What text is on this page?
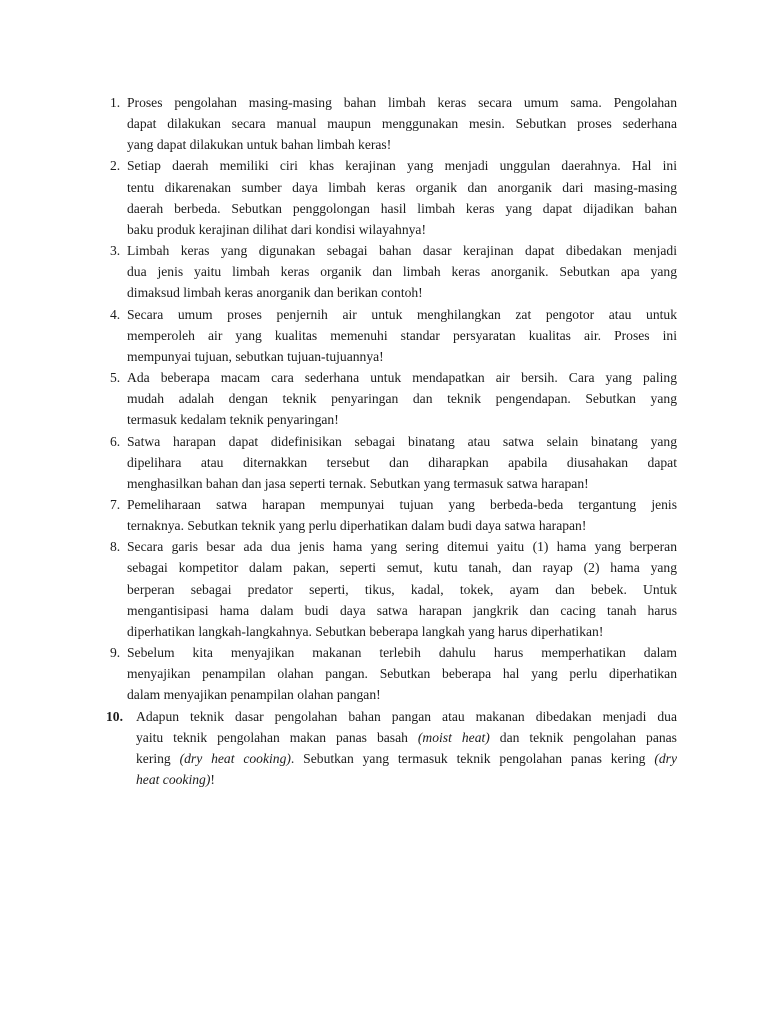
1. Proses pengolahan masing-masing bahan limbah keras secara umum sama. Pengolahan
dapat dilakukan secara manual maupun menggunakan mesin. Sebutkan proses sederhana
yang dapat dilakukan untuk bahan limbah keras!
2. Setiap daerah memiliki ciri khas kerajinan yang menjadi unggulan daerahnya. Hal ini
tentu dikarenakan sumber daya limbah keras organik dan anorganik dari masing-masing
daerah berbeda. Sebutkan penggolongan hasil limbah keras yang dapat dijadikan bahan
baku produk kerajinan dilihat dari kondisi wilayahnya!
3. Limbah keras yang digunakan sebagai bahan dasar kerajinan dapat dibedakan menjadi
dua jenis yaitu limbah keras organik dan limbah keras anorganik. Sebutkan apa yang
dimaksud limbah keras anorganik dan berikan contoh!
4. Secara umum proses penjernih air untuk menghilangkan zat pengotor atau untuk
memperoleh air yang kualitas memenuhi standar persyaratan kualitas air. Proses ini
mempunyai tujuan, sebutkan tujuan-tujuannya!
5. Ada beberapa macam cara sederhana untuk mendapatkan air bersih. Cara yang paling
mudah adalah dengan teknik penyaringan dan teknik pengendapan. Sebutkan yang
termasuk kedalam teknik penyaringan!
6. Satwa harapan dapat didefinisikan sebagai binatang atau satwa selain binatang yang
dipelihara atau diternakkan tersebut dan diharapkan apabila diusahakan dapat
menghasilkan bahan dan jasa seperti ternak. Sebutkan yang termasuk satwa harapan!
7. Pemeliharaan satwa harapan mempunyai tujuan yang berbeda-beda tergantung jenis
ternaknya. Sebutkan teknik yang perlu diperhatikan dalam budi daya satwa harapan!
8. Secara garis besar ada dua jenis hama yang sering ditemui yaitu (1) hama yang berperan
sebagai kompetitor dalam pakan, seperti semut, kutu tanah, dan rayap (2) hama yang
berperan sebagai predator seperti, tikus, kadal, tokek, ayam dan bebek. Untuk
mengantisipasi hama dalam budi daya satwa harapan jangkrik dan cacing tanah harus
diperhatikan langkah-langkahnya. Sebutkan beberapa langkah yang harus diperhatikan!
9. Sebelum kita menyajikan makanan terlebih dahulu harus memperhatikan dalam
menyajikan penampilan olahan pangan. Sebutkan beberapa hal yang perlu diperhatikan
dalam menyajikan penampilan olahan pangan!
10. Adapun teknik dasar pengolahan bahan pangan atau makanan dibedakan menjadi dua
yaitu teknik pengolahan makan panas basah (moist heat) dan teknik pengolahan panas
kering (dry heat cooking). Sebutkan yang termasuk teknik pengolahan panas kering (dry
heat cooking)!
